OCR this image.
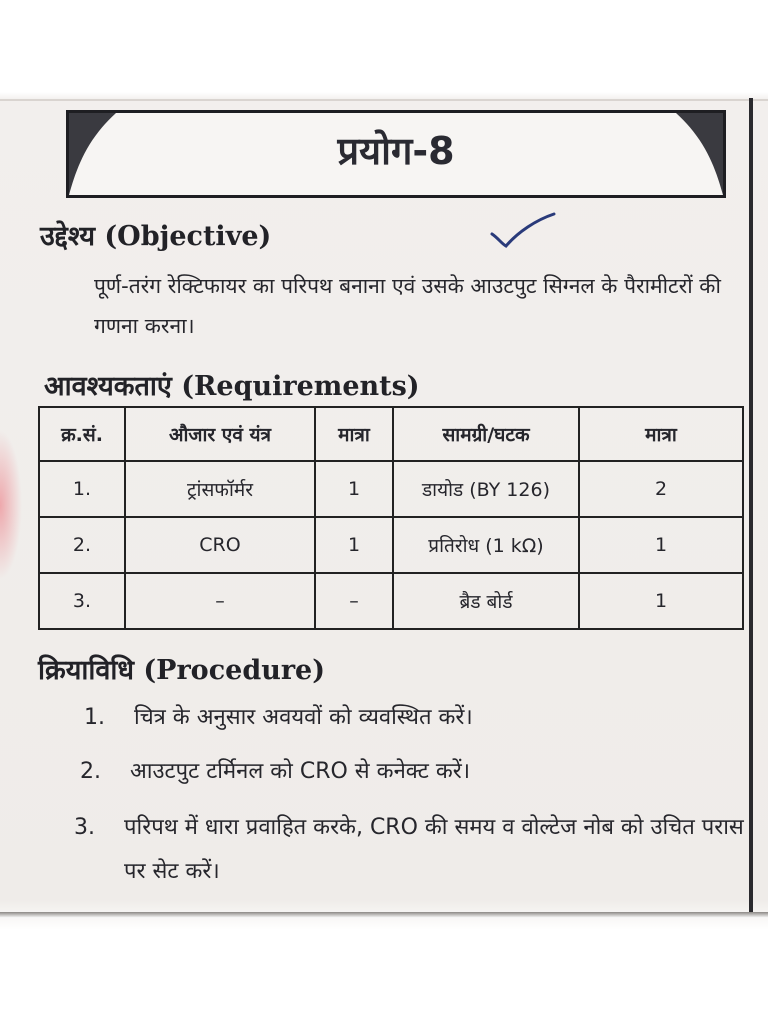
प्रयोग-8
उद्देश्य (Objective)
पूर्ण-तरंग रेक्टिफायर का परिपथ बनाना एवं उसके आउटपुट सिग्नल के पैरामीटरों की गणना करना।
आवश्यकताएं (Requirements)
क्र.सं.	औजार एवं यंत्र	मात्रा	सामग्री/घटक	मात्रा
1.	ट्रांसफॉर्मर	1	डायोड (BY 126)	2
2.	CRO	1	प्रतिरोध (1 kΩ)	1
3.	–	–	ब्रैड बोर्ड	1
क्रियाविधि (Procedure)
1.	चित्र के अनुसार अवयवों को व्यवस्थित करें।
2.	आउटपुट टर्मिनल को CRO से कनेक्ट करें।
3.	परिपथ में धारा प्रवाहित करके, CRO की समय व वोल्टेज नोब को उचित परास पर सेट करें।
